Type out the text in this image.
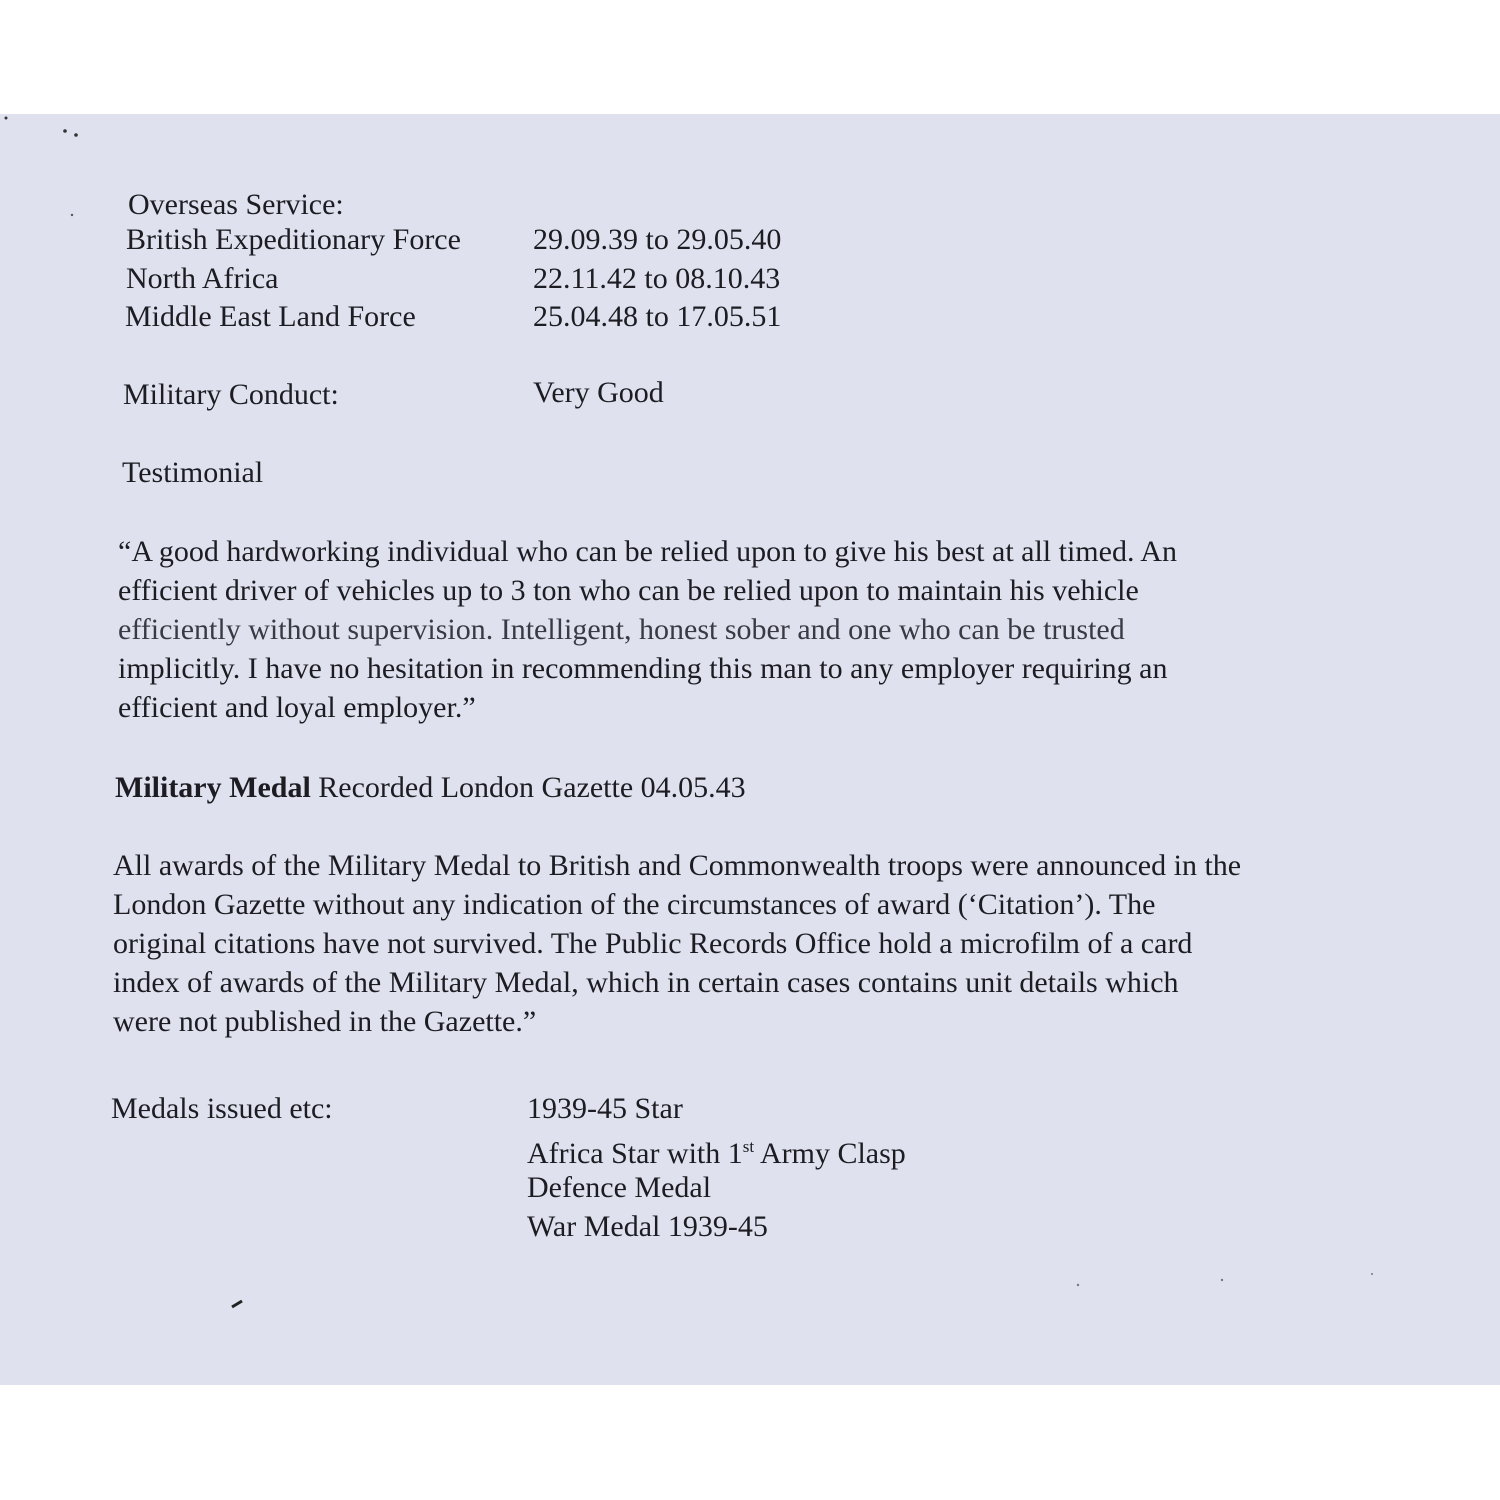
Overseas Service:
British Expeditionary Force 29.09.39 to 29.05.40
North Africa	22.11.42 to 08.10.43
Middle East Land Force	25.04.48 to 17.05.51
Military Conduct:	Very Good
Testimonial
“A good hardworking individual who can be relied upon to give his best at all timed. An
efficient driver of vehicles up to 3 ton who can be relied upon to maintain his vehicle
efficiently without supervision. Intelligent, honest sober and one who can be trusted
implicitly. I have no hesitation in recommending this man to any employer requiring an
efficient and loyal employer.”
Military Medal Recorded London Gazette 04.05.43
All awards of the Military Medal to British and Commonwealth troops were announced in the
London Gazette without any indication of the circumstances of award (‘Citation’). The
original citations have not survived. The Public Records Office hold a microfilm of a card
index of awards of the Military Medal, which in certain cases contains unit details which
were not published in the Gazette.”
Medals issued etc:	1939-45 Star
Africa Star with 1st Army Clasp
Defence Medal
War Medal 1939-45
